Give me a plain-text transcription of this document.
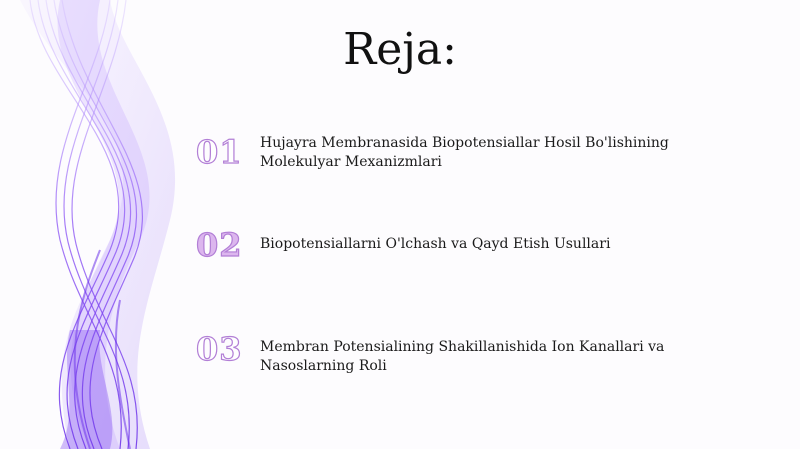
Reja:
01	Hujayra Membranasida Biopotensiallar Hosil Bo'lishining Molekulyar Mexanizmlari
02	Biopotensiallarni O'lchash va Qayd Etish Usullari
03	Membran Potensialining Shakillanishida Ion Kanallari va Nasoslarning Roli
